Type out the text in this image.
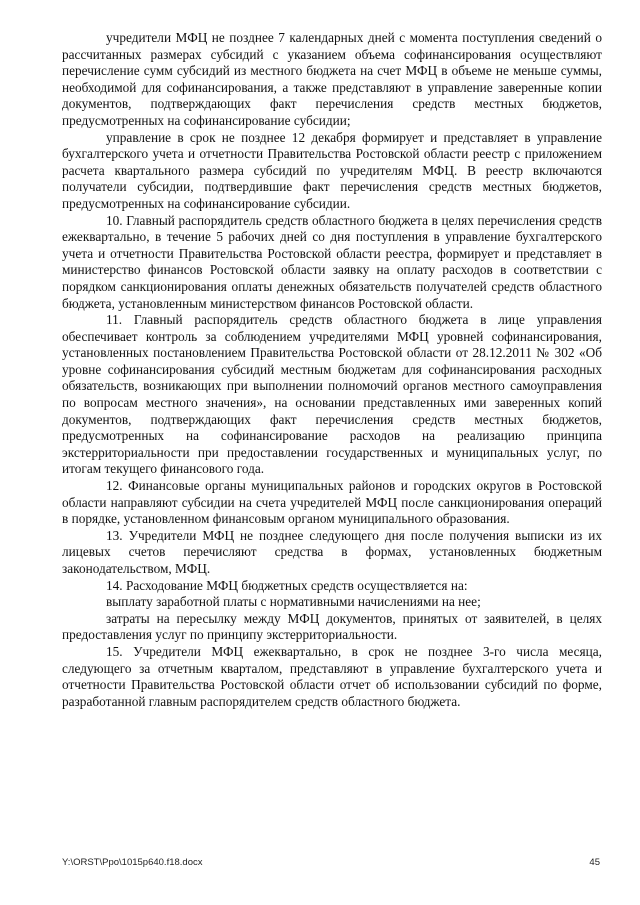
учредители МФЦ не позднее 7 календарных дней с момента поступления сведений о рассчитанных размерах субсидий с указанием объема софинансирования осуществляют перечисление сумм субсидий из местного бюджета на счет МФЦ в объеме не меньше суммы, необходимой для софинансирования, а также представляют в управление заверенные копии документов, подтверждающих факт перечисления средств местных бюджетов, предусмотренных на софинансирование субсидии;

управление в срок не позднее 12 декабря формирует и представляет в управление бухгалтерского учета и отчетности Правительства Ростовской области реестр с приложением расчета квартального размера субсидий по учредителям МФЦ. В реестр включаются получатели субсидии, подтвердившие факт перечисления средств местных бюджетов, предусмотренных на софинансирование субсидии.

10. Главный распорядитель средств областного бюджета в целях перечисления средств ежеквартально, в течение 5 рабочих дней со дня поступления в управление бухгалтерского учета и отчетности Правительства Ростовской области реестра, формирует и представляет в министерство финансов Ростовской области заявку на оплату расходов в соответствии с порядком санкционирования оплаты денежных обязательств получателей средств областного бюджета, установленным министерством финансов Ростовской области.

11. Главный распорядитель средств областного бюджета в лице управления обеспечивает контроль за соблюдением учредителями МФЦ уровней софинансирования, установленных постановлением Правительства Ростовской области от 28.12.2011 № 302 «Об уровне софинансирования субсидий местным бюджетам для софинансирования расходных обязательств, возникающих при выполнении полномочий органов местного самоуправления по вопросам местного значения», на основании представленных ими заверенных копий документов, подтверждающих факт перечисления средств местных бюджетов, предусмотренных на софинансирование расходов на реализацию принципа экстерриториальности при предоставлении государственных и муниципальных услуг, по итогам текущего финансового года.

12. Финансовые органы муниципальных районов и городских округов в Ростовской области направляют субсидии на счета учредителей МФЦ после санкционирования операций в порядке, установленном финансовым органом муниципального образования.

13. Учредители МФЦ не позднее следующего дня после получения выписки из их лицевых счетов перечисляют средства в формах, установленных бюджетным законодательством, МФЦ.

14. Расходование МФЦ бюджетных средств осуществляется на:

выплату заработной платы с нормативными начислениями на нее;

затраты на пересылку между МФЦ документов, принятых от заявителей, в целях предоставления услуг по принципу экстерриториальности.

15. Учредители МФЦ ежеквартально, в срок не позднее 3-го числа месяца, следующего за отчетным кварталом, представляют в управление бухгалтерского учета и отчетности Правительства Ростовской области отчет об использовании субсидий по форме, разработанной главным распорядителем средств областного бюджета.

Y:\ORST\Ppo\1015p640.f18.docx	45
